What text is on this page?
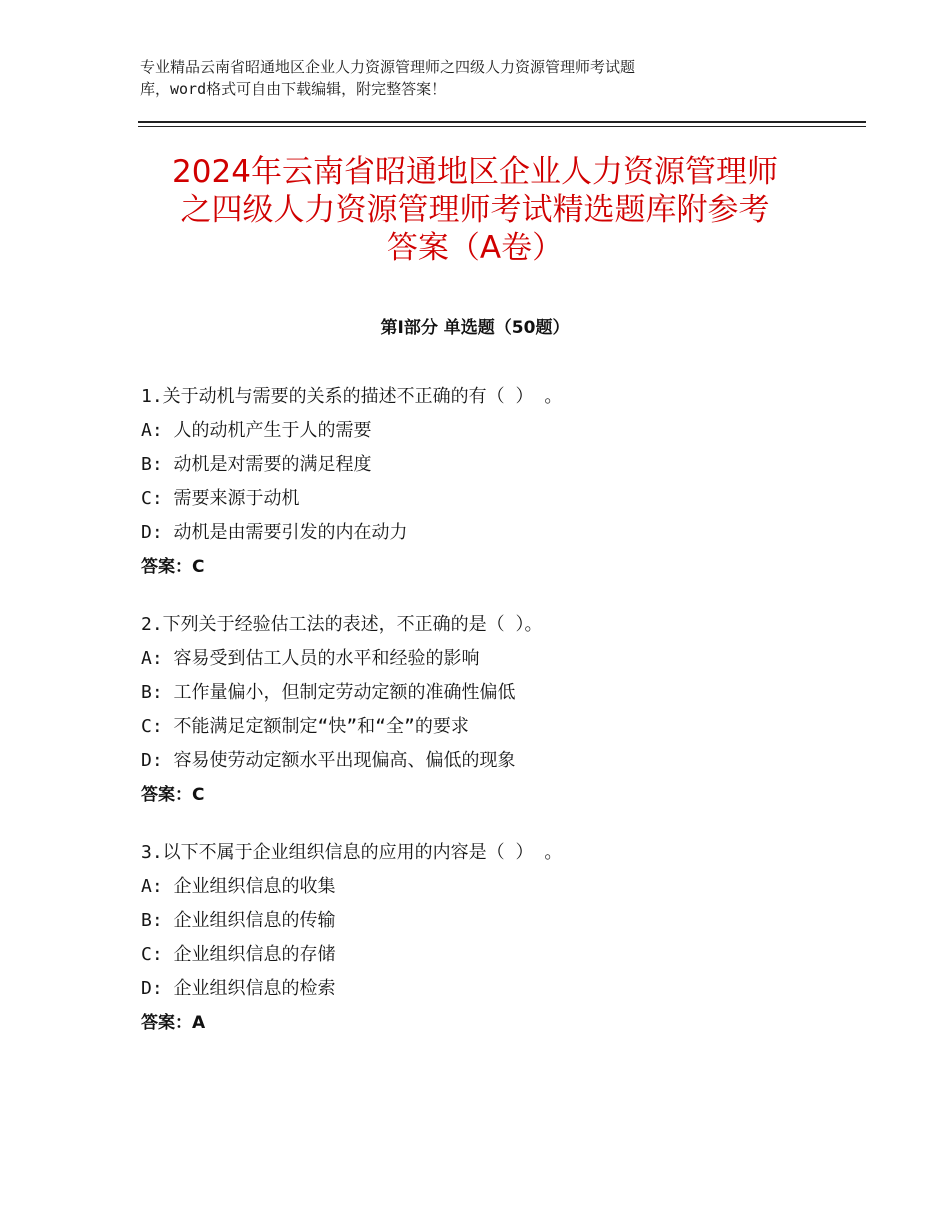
专业精品云南省昭通地区企业人力资源管理师之四级人力资源管理师考试题
库，word格式可自由下载编辑，附完整答案！
2024年云南省昭通地区企业人力资源管理师
之四级人力资源管理师考试精选题库附参考
答案（A卷）
第Ⅰ部分 单选题（50题）
1.关于动机与需要的关系的描述不正确的有（ ） 。
A: 人的动机产生于人的需要
B: 动机是对需要的满足程度
C: 需要来源于动机
D: 动机是由需要引发的内在动力
答案：C
2.下列关于经验估工法的表述，不正确的是（ ）。
A: 容易受到估工人员的水平和经验的影响
B: 工作量偏小，但制定劳动定额的准确性偏低
C: 不能满足定额制定“快”和“全”的要求
D: 容易使劳动定额水平出现偏高、偏低的现象
答案：C
3.以下不属于企业组织信息的应用的内容是（ ） 。
A: 企业组织信息的收集
B: 企业组织信息的传输
C: 企业组织信息的存储
D: 企业组织信息的检索
答案：A
